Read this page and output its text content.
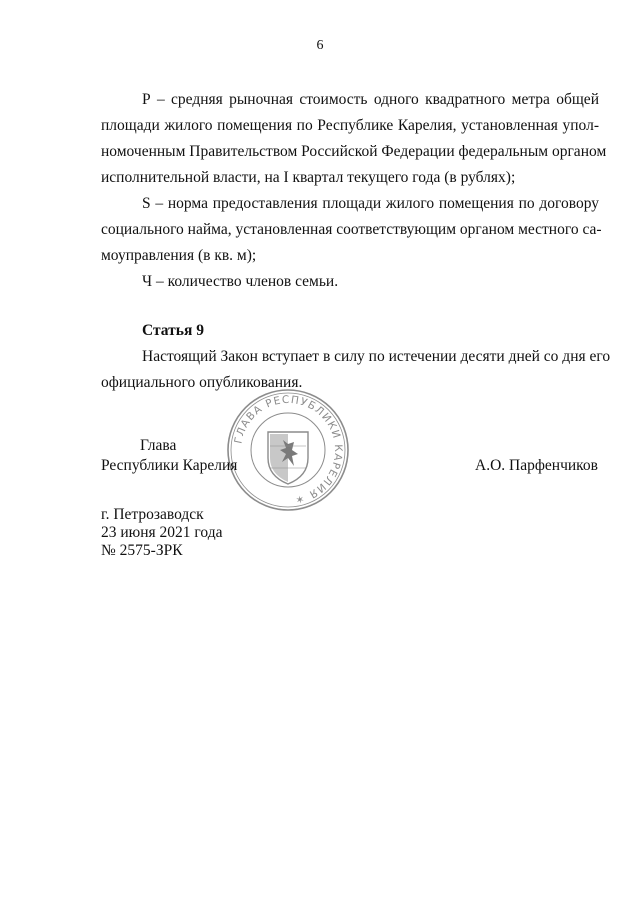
6
Р – средняя рыночная стоимость одного квадратного метра общей
площади жилого помещения по Республике Карелия, установленная упол-
номоченным Правительством Российской Федерации федеральным органом
исполнительной власти, на I квартал текущего года (в рублях);
S – норма предоставления площади жилого помещения по договору
социального найма, установленная соответствующим органом местного са-
моуправления (в кв. м);
Ч – количество членов семьи.
Статья 9
Настоящий Закон вступает в силу по истечении десяти дней со дня его
официального опубликования.
ГЛАВА РЕСПУБЛИКИ КАРЕЛИЯ ✶
Глава
Республики Карелия	А.О. Парфенчиков
г. Петрозаводск
23 июня 2021 года
№ 2575-ЗРК
